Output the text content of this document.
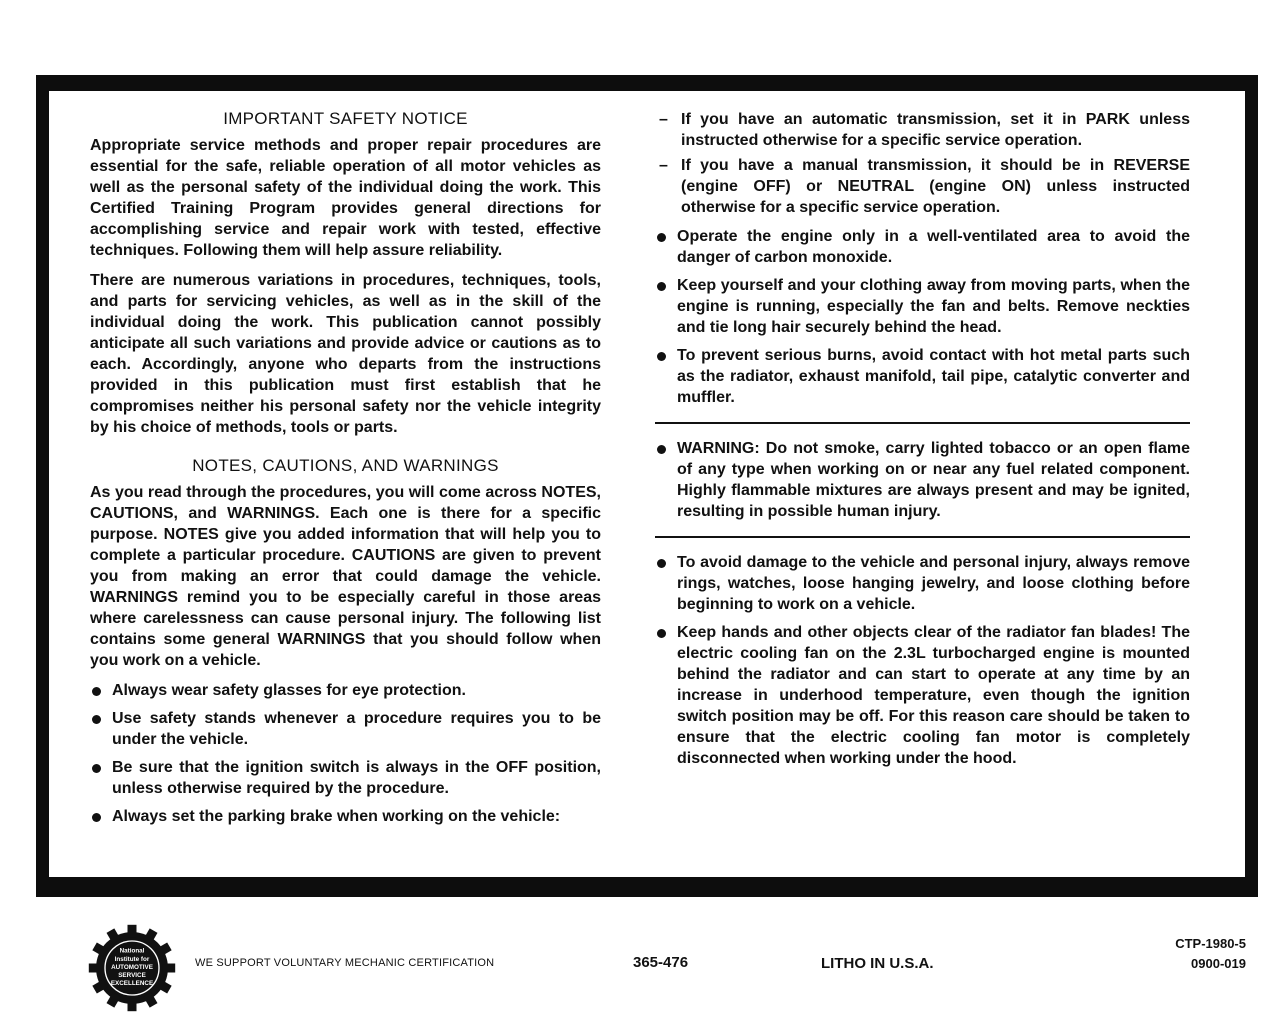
IMPORTANT SAFETY NOTICE

Appropriate service methods and proper repair procedures are essential for the safe, reliable operation of all motor vehicles as well as the personal safety of the individual doing the work. This Certified Training Program provides general directions for accomplishing service and repair work with tested, effective techniques. Following them will help assure reliability.

There are numerous variations in procedures, techniques, tools, and parts for servicing vehicles, as well as in the skill of the individual doing the work. This publication cannot possibly anticipate all such variations and provide advice or cautions as to each. Accordingly, anyone who departs from the instructions provided in this publication must first establish that he compromises neither his personal safety nor the vehicle integrity by his choice of methods, tools or parts.

NOTES, CAUTIONS, AND WARNINGS

As you read through the procedures, you will come across NOTES, CAUTIONS, and WARNINGS. Each one is there for a specific purpose. NOTES give you added information that will help you to complete a particular procedure. CAUTIONS are given to prevent you from making an error that could damage the vehicle. WARNINGS remind you to be especially careful in those areas where carelessness can cause personal injury. The following list contains some general WARNINGS that you should follow when you work on a vehicle.

Always wear safety glasses for eye protection.
Use safety stands whenever a procedure requires you to be under the vehicle.
Be sure that the ignition switch is always in the OFF position, unless otherwise required by the procedure.
Always set the parking brake when working on the vehicle:
– If you have an automatic transmission, set it in PARK unless instructed otherwise for a specific service operation.
– If you have a manual transmission, it should be in REVERSE (engine OFF) or NEUTRAL (engine ON) unless instructed otherwise for a specific service operation.
Operate the engine only in a well-ventilated area to avoid the danger of carbon monoxide.
Keep yourself and your clothing away from moving parts, when the engine is running, especially the fan and belts. Remove neckties and tie long hair securely behind the head.
To prevent serious burns, avoid contact with hot metal parts such as the radiator, exhaust manifold, tail pipe, catalytic converter and muffler.
WARNING: Do not smoke, carry lighted tobacco or an open flame of any type when working on or near any fuel related component. Highly flammable mixtures are always present and may be ignited, resulting in possible human injury.
To avoid damage to the vehicle and personal injury, always remove rings, watches, loose hanging jewelry, and loose clothing before beginning to work on a vehicle.
Keep hands and other objects clear of the radiator fan blades! The electric cooling fan on the 2.3L turbocharged engine is mounted behind the radiator and can start to operate at any time by an increase in underhood temperature, even though the ignition switch position may be off. For this reason care should be taken to ensure that the electric cooling fan motor is completely disconnected when working under the hood.
National
Institute for
AUTOMOTIVE
SERVICE
EXCELLENCE
WE SUPPORT VOLUNTARY MECHANIC CERTIFICATION	365-476	LITHO IN U.S.A.
CTP-1980-5
0900-019
